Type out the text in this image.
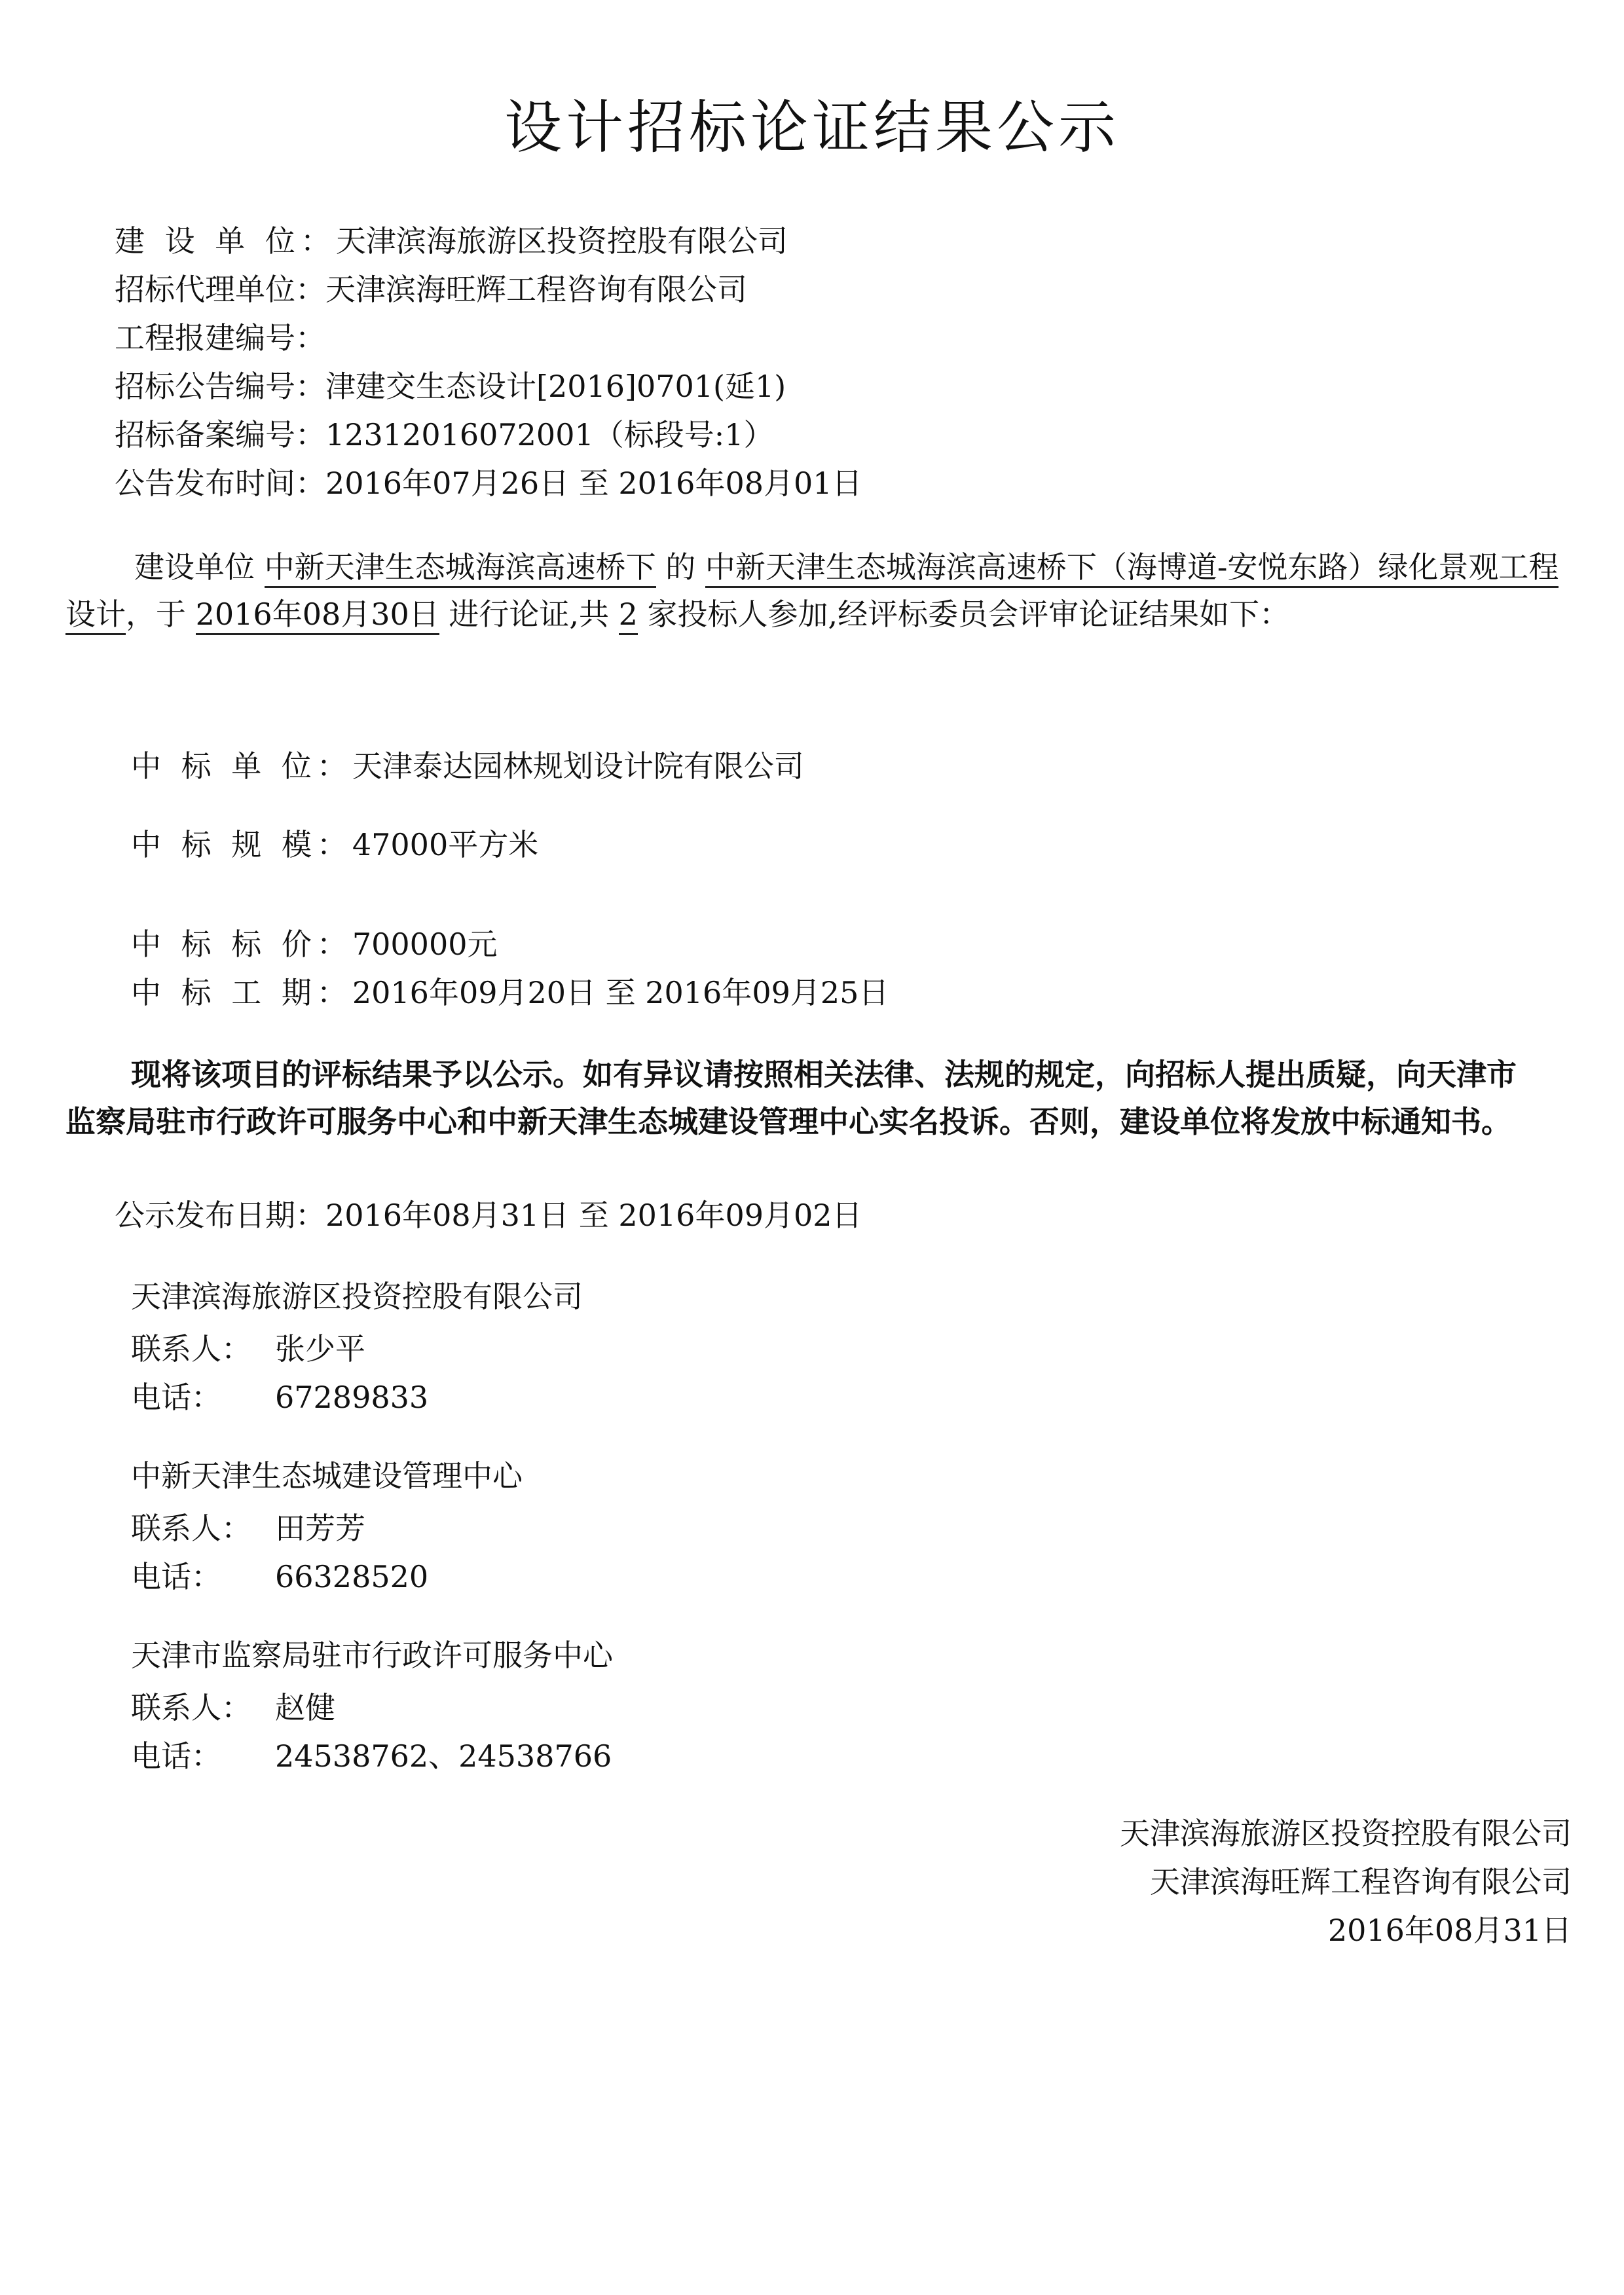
设计招标论证结果公示
建 设 单 位：天津滨海旅游区投资控股有限公司
招标代理单位：天津滨海旺辉工程咨询有限公司
工程报建编号：
招标公告编号：津建交生态设计[2016]0701(延1)
招标备案编号：12312016072001（标段号:1）
公告发布时间：2016年07月26日 至 2016年08月01日
建设单位 中新天津生态城海滨高速桥下 的 中新天津生态城海滨高速桥下（海博道-安悦东路）绿化景观工程设计，于 2016年08月30日 进行论证,共 2 家投标人参加,经评标委员会评审论证结果如下：
中 标 单 位：天津泰达园林规划设计院有限公司
中 标 规 模：47000平方米
中 标 标 价：700000元
中 标 工 期：2016年09月20日 至 2016年09月25日
现将该项目的评标结果予以公示。如有异议请按照相关法律、法规的规定，向招标人提出质疑，向天津市监察局驻市行政许可服务中心和中新天津生态城建设管理中心实名投诉。否则，建设单位将发放中标通知书。
公示发布日期：2016年08月31日 至 2016年09月02日
天津滨海旅游区投资控股有限公司
联系人： 张少平
电话： 67289833
中新天津生态城建设管理中心
联系人： 田芳芳
电话： 66328520
天津市监察局驻市行政许可服务中心
联系人： 赵健
电话： 24538762、24538766
天津滨海旅游区投资控股有限公司
天津滨海旺辉工程咨询有限公司
2016年08月31日
